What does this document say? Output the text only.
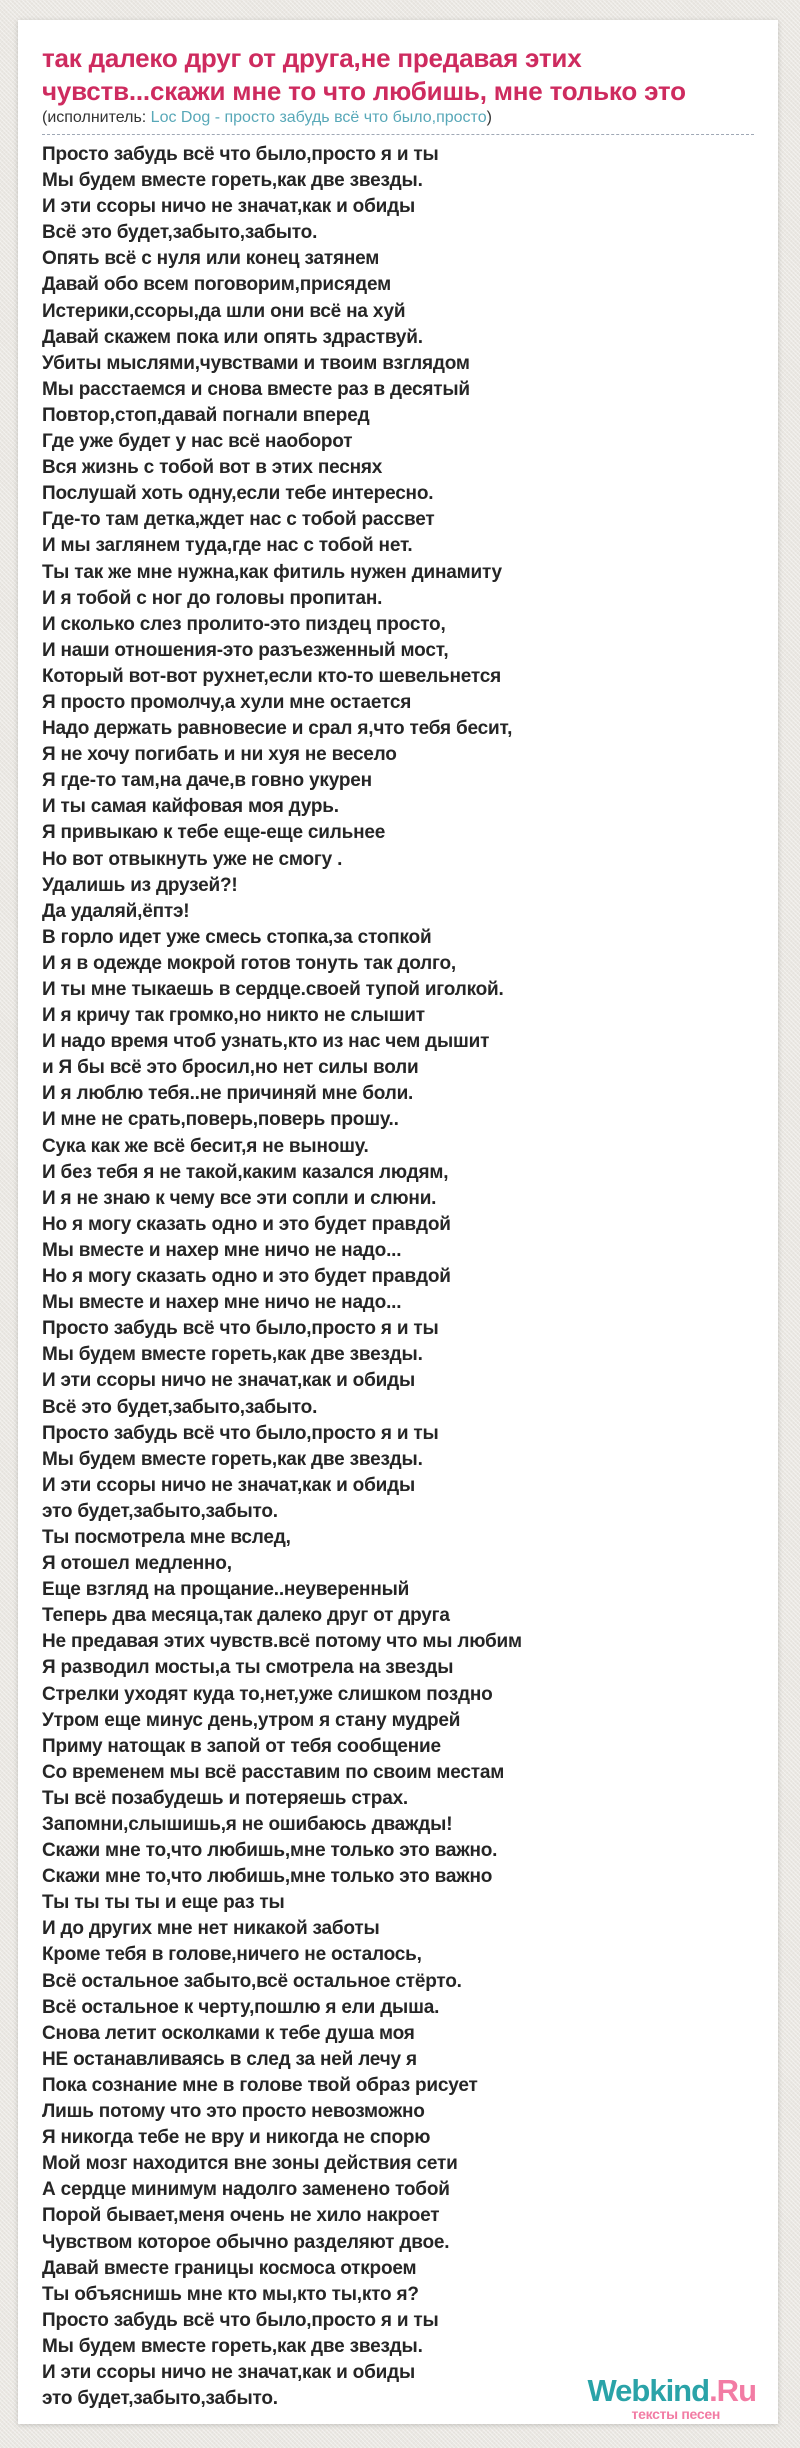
так далеко друг от друга,не предавая этих чувств...скажи мне то что любишь, мне только это
(исполнитель: Loc Dog - просто забудь всё что было,просто)
Просто забудь всё что было,просто я и ты
Мы будем вместе гореть,как две звезды.
И эти ссоры ничо не значат,как и обиды
Всё это будет,забыто,забыто.
Опять всё с нуля или конец затянем
Давай обо всем поговорим,присядем
Истерики,ссоры,да шли они всё на хуй
Давай скажем пока или опять здраствуй.
Убиты мыслями,чувствами и твоим взглядом
Мы расстаемся и снова вместе раз в десятый
Повтор,стоп,давай погнали вперед
Где уже будет у нас всё наоборот
Вся жизнь с тобой вот в этих песнях
Послушай хоть одну,если тебе интересно.
Где-то там детка,ждет нас с тобой рассвет
И мы заглянем туда,где нас с тобой нет.
Ты так же мне нужна,как фитиль нужен динамиту
И я тобой с ног до головы пропитан.
И сколько слез пролито-это пиздец просто,
И наши отношения-это разъезженный мост,
Который вот-вот рухнет,если кто-то шевельнется
Я просто промолчу,а хули мне остается
Надо держать равновесие и срал я,что тебя бесит,
Я не хочу погибать и ни хуя не весело
Я где-то там,на даче,в говно укурен
И ты самая кайфовая моя дурь.
Я привыкаю к тебе еще-еще сильнее
Но вот отвыкнуть уже не смогу .
Удалишь из друзей?!
Да удаляй,ёптэ!
В горло идет уже смесь стопка,за стопкой
И я в одежде мокрой готов тонуть так долго,
И ты мне тыкаешь в сердце.своей тупой иголкой.
И я кричу так громко,но никто не слышит
И надо время чтоб узнать,кто из нас чем дышит
и Я бы всё это бросил,но нет силы воли
И я люблю тебя..не причиняй мне боли.
И мне не срать,поверь,поверь прошу..
Сука как же всё бесит,я не выношу.
И без тебя я не такой,каким казался людям,
И я не знаю к чему все эти сопли и слюни.
Но я могу сказать одно и это будет правдой
Мы вместе и нахер мне ничо не надо...
Но я могу сказать одно и это будет правдой
Мы вместе и нахер мне ничо не надо...
Просто забудь всё что было,просто я и ты
Мы будем вместе гореть,как две звезды.
И эти ссоры ничо не значат,как и обиды
Всё это будет,забыто,забыто.
Просто забудь всё что было,просто я и ты
Мы будем вместе гореть,как две звезды.
И эти ссоры ничо не значат,как и обиды
это будет,забыто,забыто.
Ты посмотрела мне вслед,
Я отошел медленно,
Еще взгляд на прощание..неуверенный
Теперь два месяца,так далеко друг от друга
Не предавая этих чувств.всё потому что мы любим
Я разводил мосты,а ты смотрела на звезды
Стрелки уходят куда то,нет,уже слишком поздно
Утром еще минус день,утром я стану мудрей
Приму натощак в запой от тебя сообщение
Со временем мы всё расставим по своим местам
Ты всё позабудешь и потеряешь страх.
Запомни,слышишь,я не ошибаюсь дважды!
Скажи мне то,что любишь,мне только это важно.
Скажи мне то,что любишь,мне только это важно
Ты ты ты ты и еще раз ты
И до других мне нет никакой заботы
Кроме тебя в голове,ничего не осталось,
Всё остальное забыто,всё остальное стёрто.
Всё остальное к черту,пошлю я ели дыша.
Снова летит осколками к тебе душа моя
НЕ останавливаясь в след за ней лечу я
Пока сознание мне в голове твой образ рисует
Лишь потому что это просто невозможно
Я никогда тебе не вру и никогда не спорю
Мой мозг находится вне зоны действия сети
А сердце минимум надолго заменено тобой
Порой бывает,меня очень не хило накроет
Чувством которое обычно разделяют двое.
Давай вместе границы космоса откроем
Ты объяснишь мне кто мы,кто ты,кто я?
Просто забудь всё что было,просто я и ты
Мы будем вместе гореть,как две звезды.
И эти ссоры ничо не значат,как и обиды
это будет,забыто,забыто.	Webkind.Ru
тексты песен
